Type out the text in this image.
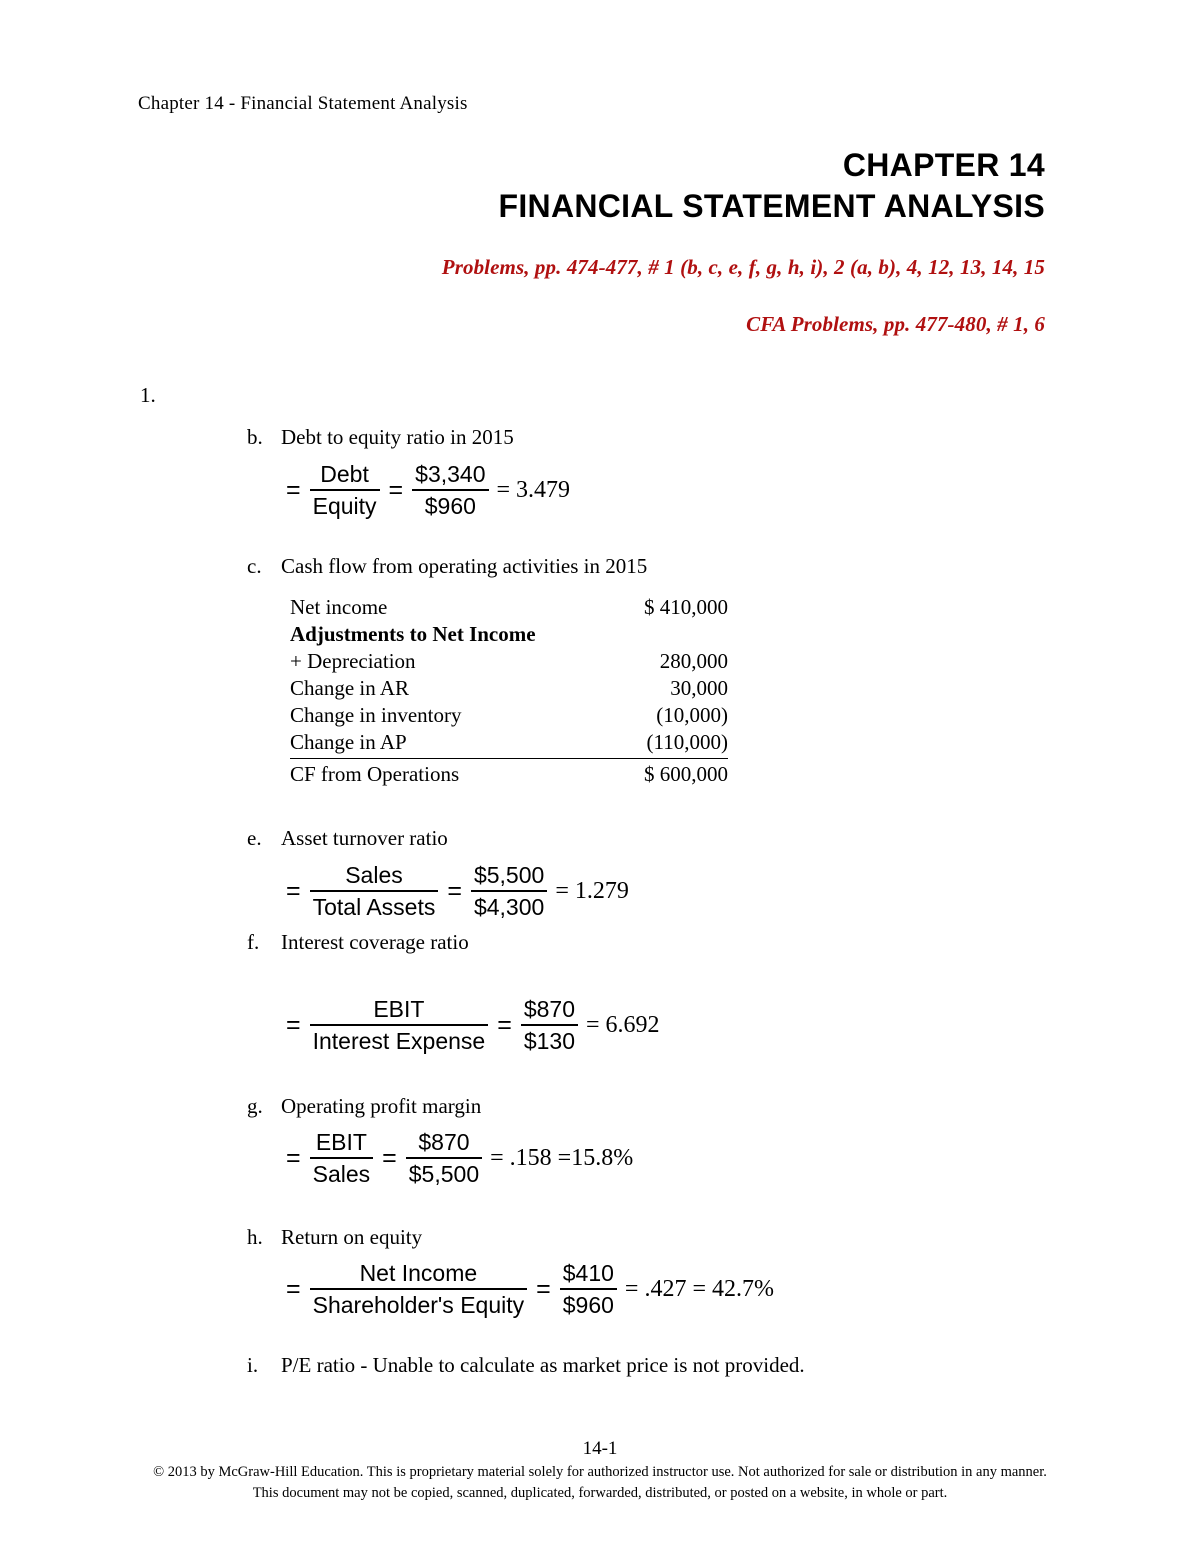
Chapter 14 - Financial Statement Analysis
CHAPTER 14
FINANCIAL STATEMENT ANALYSIS
Problems, pp. 474-477, # 1 (b, c, e, f, g, h, i), 2 (a, b), 4, 12, 13, 14, 15
CFA Problems, pp. 477-480, # 1, 6
1.
b. Debt to equity ratio in 2015
= $\frac{\text{Debt}}{\text{Equity}} = \frac{\$3,340}{\$960} = 3.479$
c. Cash flow from operating activities in 2015
Net income	$ 410,000
Adjustments to Net Income	
+ Depreciation	280,000
Change in AR	30,000
Change in inventory	(10,000)
Change in AP	(110,000)
CF from Operations	$ 600,000
e. Asset turnover ratio
= $\frac{\text{Sales}}{\text{Total Assets}} = \frac{\$5,500}{\$4,300} = 1.279$
f.	Interest coverage ratio
= $\frac{\text{EBIT}}{\text{Interest Expense}} = \frac{\$870}{\$130} = 6.692$
g. Operating profit margin
= $\frac{\text{EBIT}}{\text{Sales}} = \frac{\$870}{\$5,500} = .158 =15.8\%$
h. Return on equity
= $\frac{\text{Net Income}}{\text{Shareholder's Equity}} = \frac{\$410}{\$960} = .427 = 42.7\%$
i.	P/E ratio - Unable to calculate as market price is not provided.
14-1
© 2013 by McGraw-Hill Education. This is proprietary material solely for authorized instructor use. Not authorized for sale or distribution in any manner. This document may not be copied, scanned, duplicated, forwarded, distributed, or posted on a website, in whole or part.
